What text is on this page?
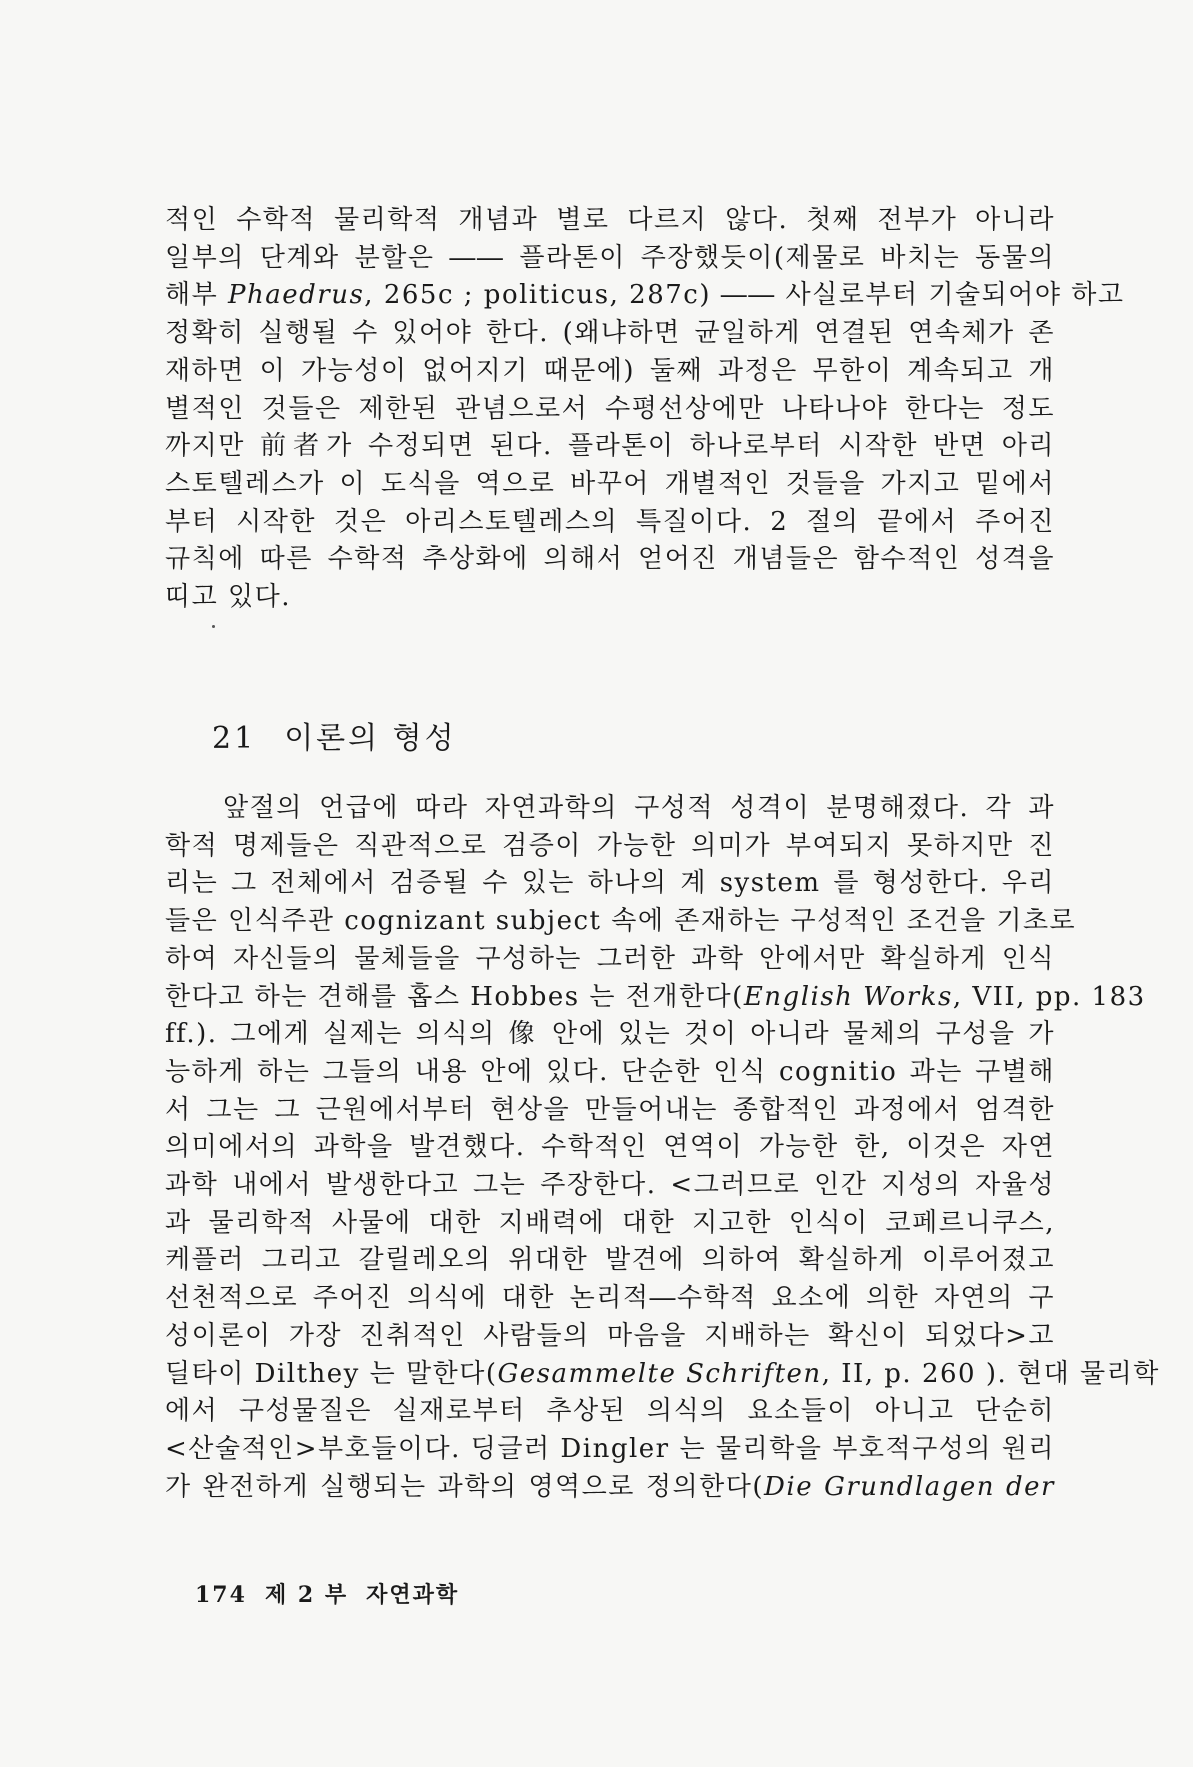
적인 수학적 물리학적 개념과 별로 다르지 않다. 첫째 전부가 아니라
일부의 단계와 분할은 ―― 플라톤이 주장했듯이(제물로 바치는 동물의
해부 Phaedrus, 265c ; politicus, 287c) ―― 사실로부터 기술되어야 하고
정확히 실행될 수 있어야 한다. (왜냐하면 균일하게 연결된 연속체가 존
재하면 이 가능성이 없어지기 때문에) 둘째 과정은 무한이 계속되고 개
별적인 것들은 제한된 관념으로서 수평선상에만 나타나야 한다는 정도
까지만 前者가 수정되면 된다. 플라톤이 하나로부터 시작한 반면 아리
스토텔레스가 이 도식을 역으로 바꾸어 개별적인 것들을 가지고 밑에서
부터 시작한 것은 아리스토텔레스의 특질이다. 2 절의 끝에서 주어진
규칙에 따른 수학적 추상화에 의해서 얻어진 개념들은 함수적인 성격을
띠고 있다.
21 이론의 형성
앞절의 언급에 따라 자연과학의 구성적 성격이 분명해졌다. 각 과
학적 명제들은 직관적으로 검증이 가능한 의미가 부여되지 못하지만 진
리는 그 전체에서 검증될 수 있는 하나의 계 system 를 형성한다. 우리
들은 인식주관 cognizant subject 속에 존재하는 구성적인 조건을 기초로
하여 자신들의 물체들을 구성하는 그러한 과학 안에서만 확실하게 인식
한다고 하는 견해를 홉스 Hobbes 는 전개한다(English Works, VII, pp. 183
ff.). 그에게 실제는 의식의 像 안에 있는 것이 아니라 물체의 구성을 가
능하게 하는 그들의 내용 안에 있다. 단순한 인식 cognitio 과는 구별해
서 그는 그 근원에서부터 현상을 만들어내는 종합적인 과정에서 엄격한
의미에서의 과학을 발견했다. 수학적인 연역이 가능한 한, 이것은 자연
과학 내에서 발생한다고 그는 주장한다. <그러므로 인간 지성의 자율성
과 물리학적 사물에 대한 지배력에 대한 지고한 인식이 코페르니쿠스,
케플러 그리고 갈릴레오의 위대한 발견에 의하여 확실하게 이루어졌고
선천적으로 주어진 의식에 대한 논리적―수학적 요소에 의한 자연의 구
성이론이 가장 진취적인 사람들의 마음을 지배하는 확신이 되었다>고
딜타이 Dilthey 는 말한다(Gesammelte Schriften, II, p. 260 ). 현대 물리학
에서 구성물질은 실재로부터 추상된 의식의 요소들이 아니고 단순히
<산술적인>부호들이다. 딩글러 Dingler 는 물리학을 부호적구성의 원리
가 완전하게 실행되는 과학의 영역으로 정의한다(Die Grundlagen der
174 제 2 부 자연과학
